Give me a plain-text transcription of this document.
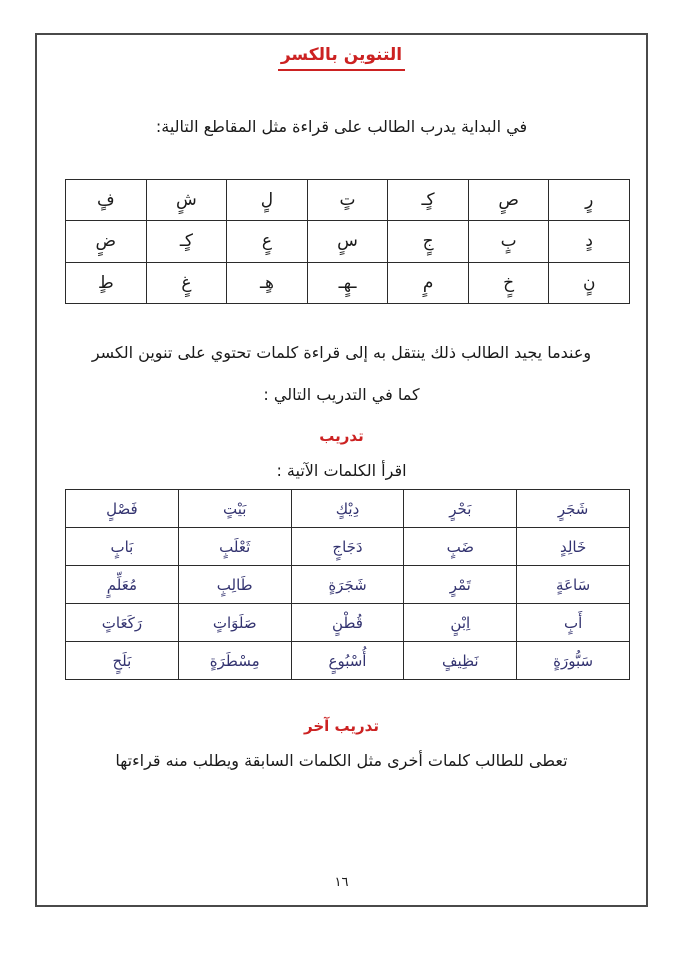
التنوين بالكسر
في البداية يدرب الطالب على قراءة مثل المقاطع التالية:
رٍ	صٍ	كٍـ	تٍ	لٍ	شٍ	فٍ
دٍ	بٍ	جٍ	سٍ	عٍ	كٍـ	ضٍ
نٍ	خٍ	مٍ	ـهٍـ	هٍـ	غٍ	طٍ
وعندما يجيد الطالب ذلك ينتقل به إلى قراءة كلمات تحتوي على تنوين الكسر
كما في التدريب التالي :
تدريب
اقرأ الكلمات الآتية :
شَجَرٍ	بَحْرٍ	دِيْكٍ	بَيْتٍ	فَصْلٍ
خَالِدٍ	ضَبٍ	دَجَاجٍ	ثَعْلَبٍ	بَابٍ
سَاعَةٍ	تَمْرٍ	شَجَرَةٍ	طَالِبٍ	مُعَلِّمٍ
أَبٍ	اِبْنٍ	قُطْنٍ	صَلَوَاتٍ	رَكَعَاتٍ
سَبُّورَةٍ	نَظِيفٍ	أُسْبُوعٍ	مِسْطَرَةٍ	بَلَحٍ
تدريب آخر
تعطى للطالب كلمات أخرى مثل الكلمات السابقة ويطلب منه قراءتها
١٦
